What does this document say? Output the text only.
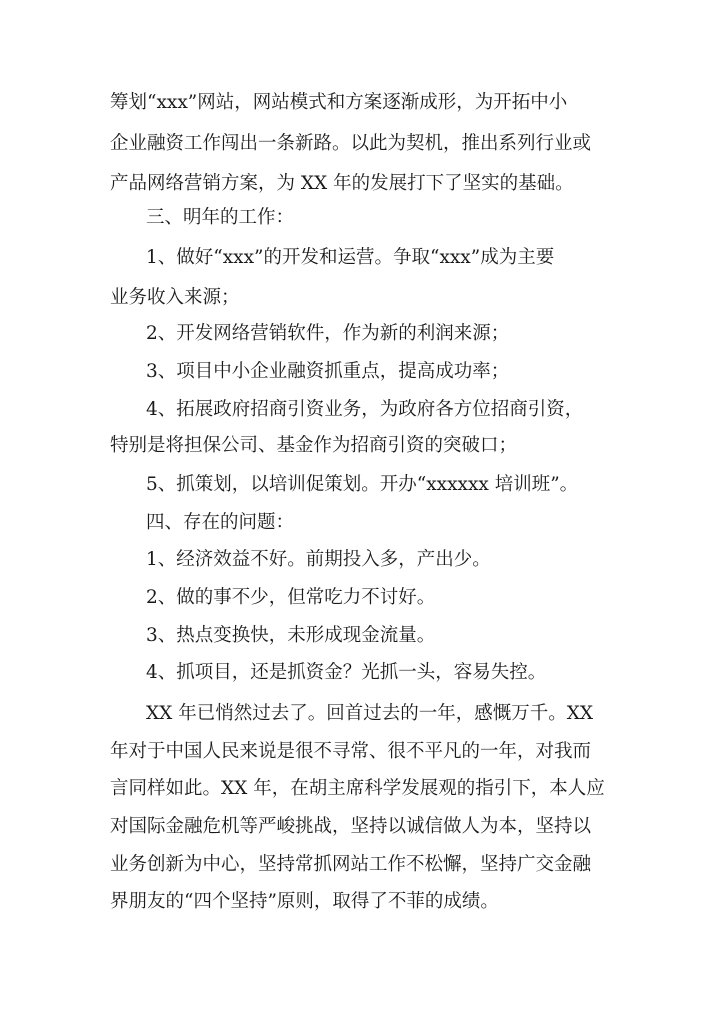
筹划“xxx”网站，网站模式和方案逐渐成形，为开拓中小
企业融资工作闯出一条新路。以此为契机，推出系列行业或
产品网络营销方案，为 XX 年的发展打下了坚实的基础。
三、明年的工作：
1、做好“xxx”的开发和运营。争取“xxx”成为主要
业务收入来源；
2、开发网络营销软件，作为新的利润来源；
3、项目中小企业融资抓重点，提高成功率；
4、拓展政府招商引资业务，为政府各方位招商引资，
特别是将担保公司、基金作为招商引资的突破口；
5、抓策划，以培训促策划。开办“xxxxxx 培训班”。
四、存在的问题：
1、经济效益不好。前期投入多，产出少。
2、做的事不少，但常吃力不讨好。
3、热点变换快，未形成现金流量。
4、抓项目，还是抓资金？光抓一头，容易失控。
XX 年已悄然过去了。回首过去的一年，感慨万千。XX
年对于中国人民来说是很不寻常、很不平凡的一年，对我而
言同样如此。XX 年，在胡主席科学发展观的指引下，本人应
对国际金融危机等严峻挑战，坚持以诚信做人为本，坚持以
业务创新为中心，坚持常抓网站工作不松懈，坚持广交金融
界朋友的“四个坚持”原则，取得了不菲的成绩。
